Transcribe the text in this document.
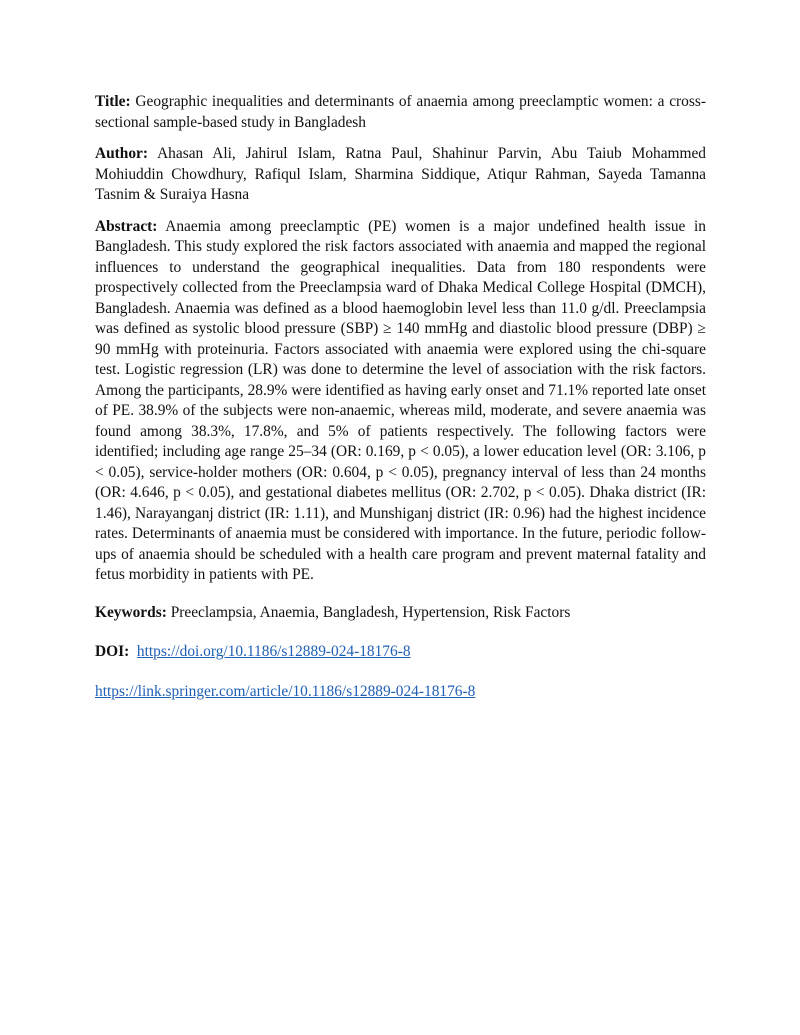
Title: Geographic inequalities and determinants of anaemia among preeclamptic women: a cross-sectional sample-based study in Bangladesh

Author: Ahasan Ali, Jahirul Islam, Ratna Paul, Shahinur Parvin, Abu Taiub Mohammed Mohiuddin Chowdhury, Rafiqul Islam, Sharmina Siddique, Atiqur Rahman, Sayeda Tamanna Tasnim & Suraiya Hasna

Abstract: Anaemia among preeclamptic (PE) women is a major undefined health issue in Bangladesh. This study explored the risk factors associated with anaemia and mapped the regional influences to understand the geographical inequalities. Data from 180 respondents were prospectively collected from the Preeclampsia ward of Dhaka Medical College Hospital (DMCH), Bangladesh. Anaemia was defined as a blood haemoglobin level less than 11.0 g/dl. Preeclampsia was defined as systolic blood pressure (SBP) ≥ 140 mmHg and diastolic blood pressure (DBP) ≥ 90 mmHg with proteinuria. Factors associated with anaemia were explored using the chi-square test. Logistic regression (LR) was done to determine the level of association with the risk factors. Among the participants, 28.9% were identified as having early onset and 71.1% reported late onset of PE. 38.9% of the subjects were non-anaemic, whereas mild, moderate, and severe anaemia was found among 38.3%, 17.8%, and 5% of patients respectively. The following factors were identified; including age range 25–34 (OR: 0.169, p < 0.05), a lower education level (OR: 3.106, p < 0.05), service-holder mothers (OR: 0.604, p < 0.05), pregnancy interval of less than 24 months (OR: 4.646, p < 0.05), and gestational diabetes mellitus (OR: 2.702, p < 0.05). Dhaka district (IR: 1.46), Narayanganj district (IR: 1.11), and Munshiganj district (IR: 0.96) had the highest incidence rates. Determinants of anaemia must be considered with importance. In the future, periodic follow-ups of anaemia should be scheduled with a health care program and prevent maternal fatality and fetus morbidity in patients with PE.

Keywords: Preeclampsia, Anaemia, Bangladesh, Hypertension, Risk Factors

DOI: https://doi.org/10.1186/s12889-024-18176-8

https://link.springer.com/article/10.1186/s12889-024-18176-8
